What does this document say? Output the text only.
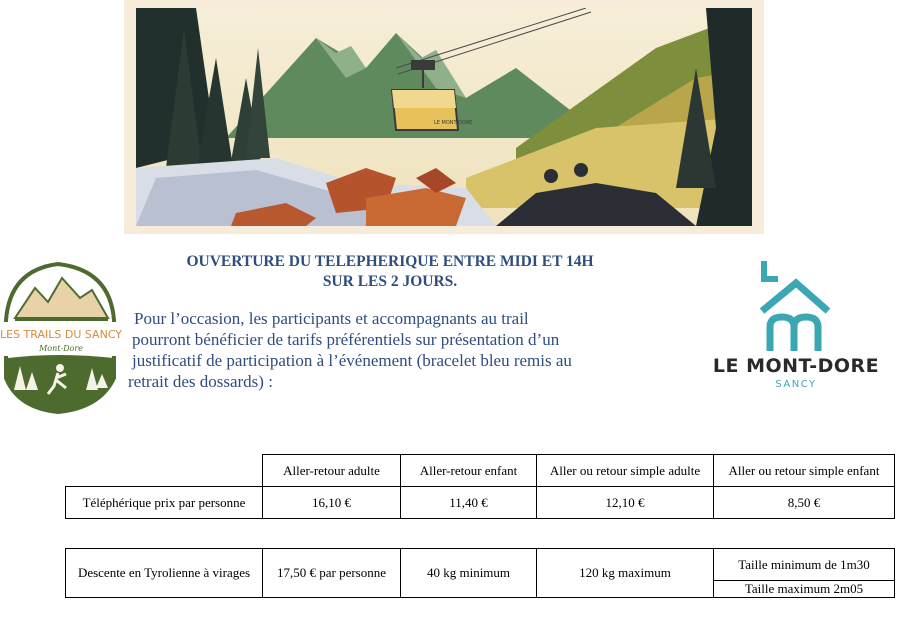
LE MONT-DORE
LES TRAILS DU SANCY
Mont-Dore
OUVERTURE DU TELEPHERIQUE ENTRE MIDI ET 14H
SUR LES 2 JOURS.
Pour l’occasion, les participants et accompagnants au trail
pourront bénéficier de tarifs préférentiels sur présentation d’un
justificatif de participation à l’événement (bracelet bleu remis au
retrait des dossards) :
LE MONT-DORE
SANCY
	Aller-retour adulte	Aller-retour enfant	Aller ou retour simple adulte	Aller ou retour simple enfant
Téléphérique prix par personne	16,10 €	11,40 €	12,10 €	8,50 €
Descente en Tyrolienne à virages	17,50 € par personne	40 kg minimum	120 kg maximum	Taille minimum de 1m30
Taille maximum 2m05
